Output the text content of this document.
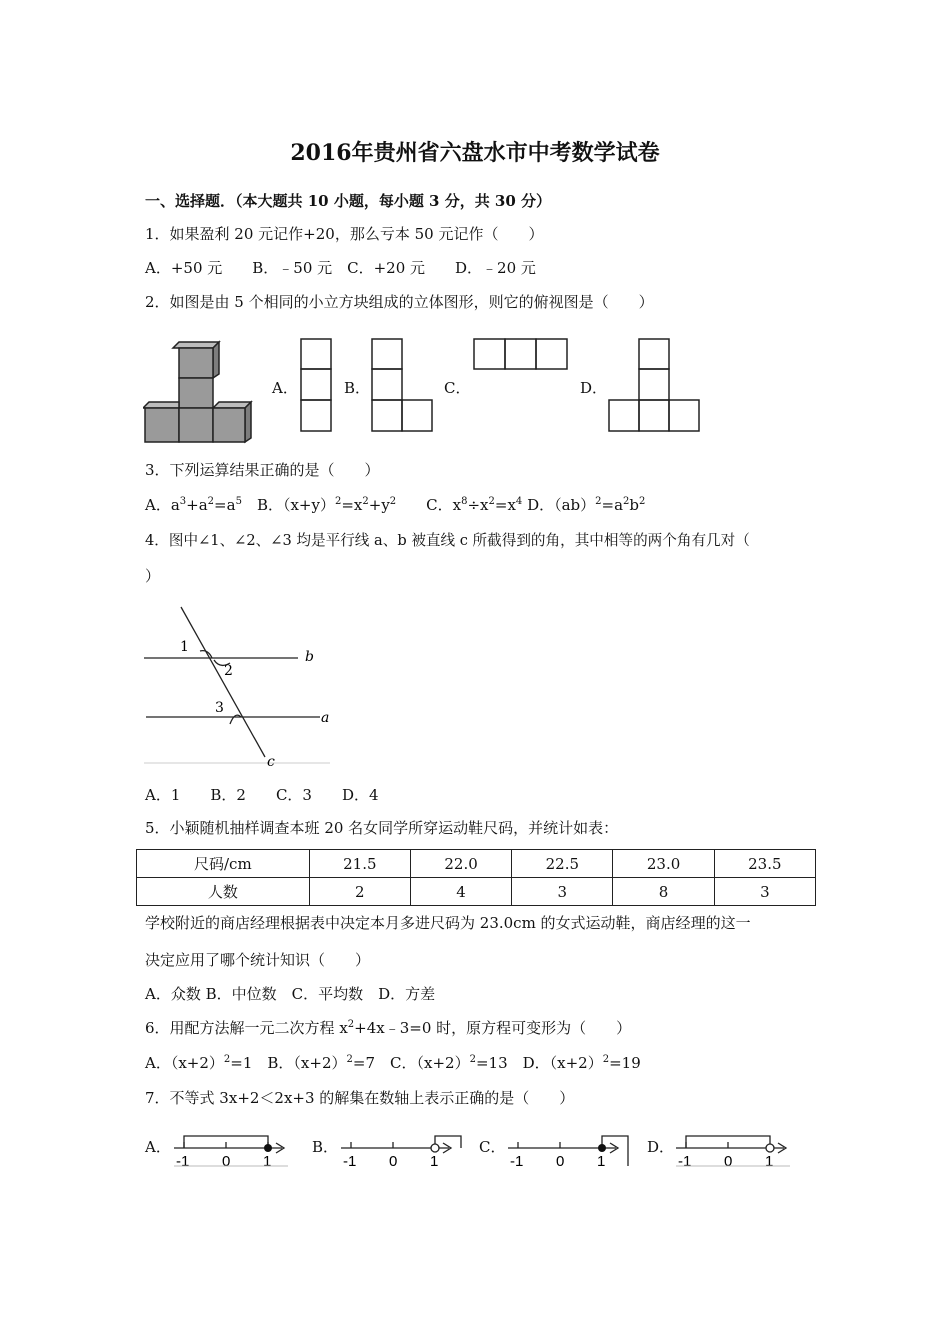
2016年贵州省六盘水市中考数学试卷
一、选择题．（本大题共 10 小题，每小题 3 分，共 30 分）
1．如果盈利 20 元记作+20，那么亏本 50 元记作（　　）
A．+50 元　　B．﹣50 元　C．+20 元　　D．﹣20 元
2．如图是由 5 个相同的小立方块组成的立体图形，则它的俯视图是（　　）
A．	B．	C．	D．
3．下列运算结果正确的是（　　）
A．$a^3+a^2=a^5$　B．$(x+y)^2=x^2+y^2$　　C．$x^8\div x^2=x^4$ D．$(ab)^2=a^2b^2$
4．图中∠1、∠2、∠3 均是平行线 a、b 被直线 c 所截得到的角，其中相等的两个角有几对（
）
1
2
3
b
a
c
A．1　　B．2　　C．3　　D．4
5．小颖随机抽样调查本班 20 名女同学所穿运动鞋尺码，并统计如表：
尺码/cm	21.5	22.0	22.5	23.0	23.5
人数	2	4	3	8	3
学校附近的商店经理根据表中决定本月多进尺码为 23.0cm 的女式运动鞋，商店经理的这一
决定应用了哪个统计知识（　　）
A．众数 B．中位数　C．平均数　D．方差
6．用配方法解一元二次方程 $x^2+4x﹣3=0$ 时，原方程可变形为（　　）
A．$(x+2)^2=1$　B．$(x+2)^2=7$　C．$(x+2)^2=13$　D．$(x+2)^2=19$
7．不等式 3x+2＜2x+3 的解集在数轴上表示正确的是（　　）
A．
-1 0 1
B．
-1 0 1
C．
-1 0 1
D．
-1 0 1
